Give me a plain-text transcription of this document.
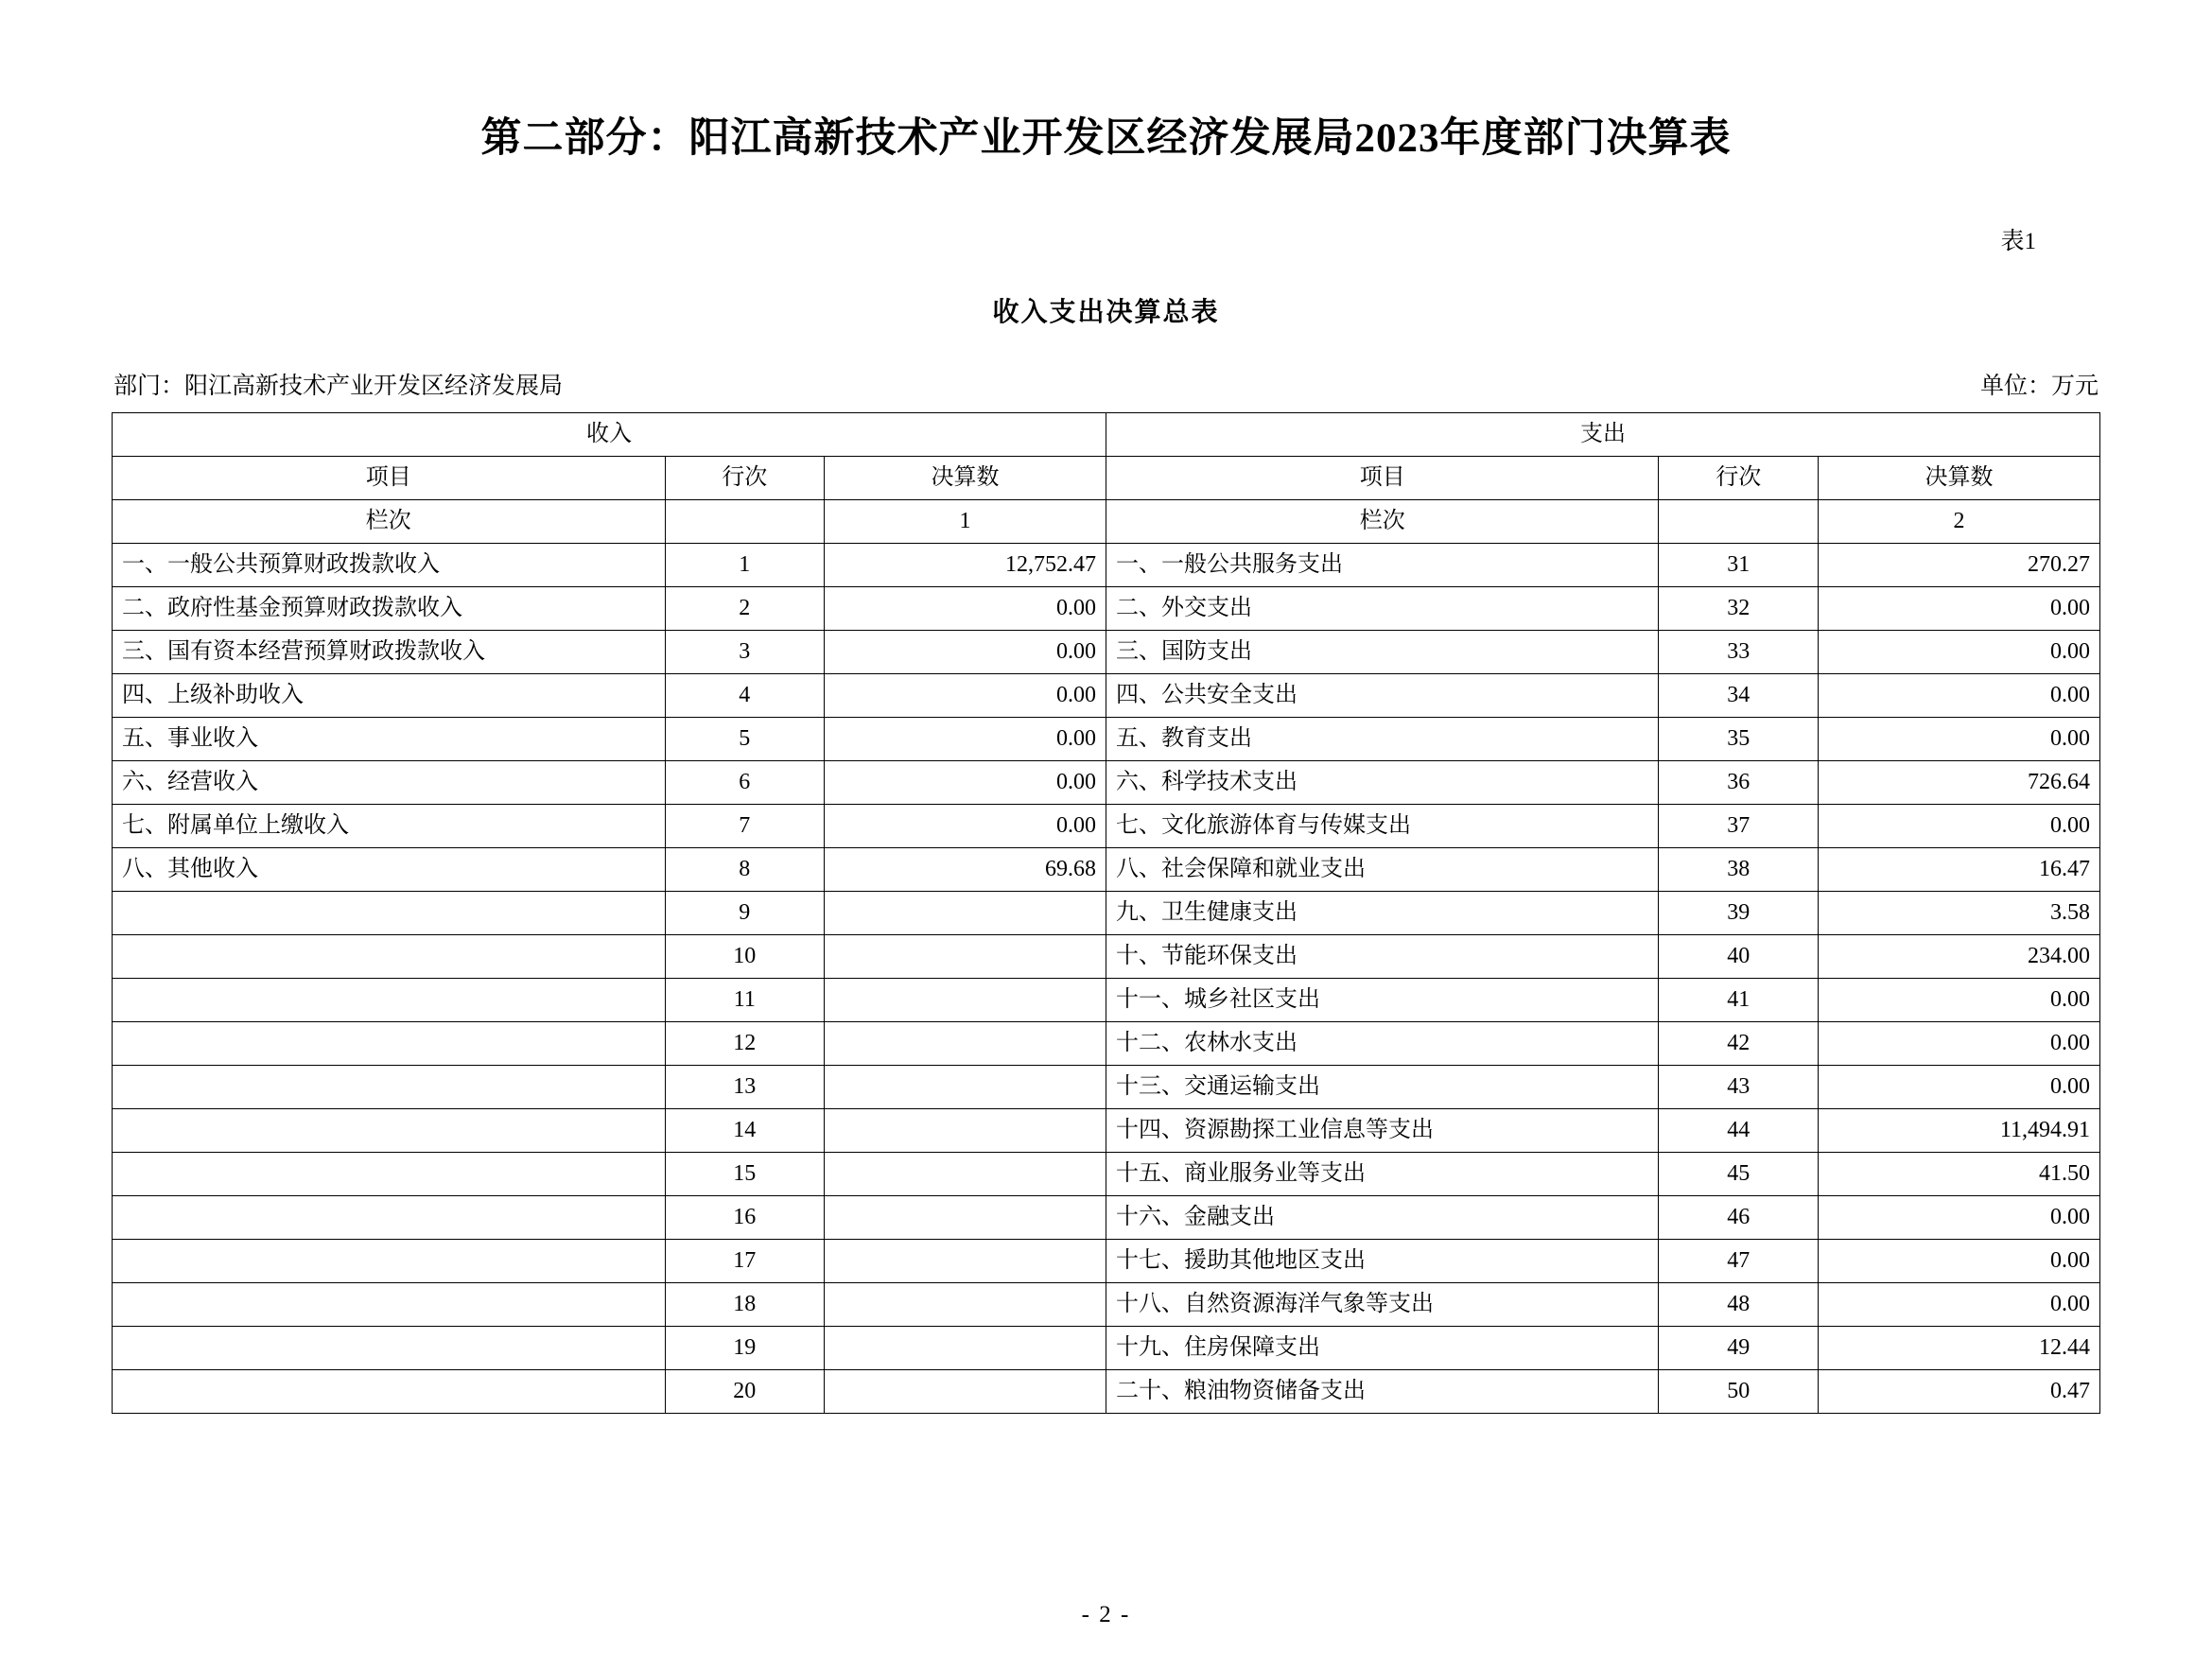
第二部分：阳江高新技术产业开发区经济发展局2023年度部门决算表
表1
收入支出决算总表
部门：阳江高新技术产业开发区经济发展局	单位：万元
收入			支出		
项目	行次	决算数	项目	行次	决算数
栏次		1	栏次		2
一、一般公共预算财政拨款收入	1	12,752.47	一、一般公共服务支出	31	270.27
二、政府性基金预算财政拨款收入	2	0.00	二、外交支出	32	0.00
三、国有资本经营预算财政拨款收入	3	0.00	三、国防支出	33	0.00
四、上级补助收入	4	0.00	四、公共安全支出	34	0.00
五、事业收入	5	0.00	五、教育支出	35	0.00
六、经营收入	6	0.00	六、科学技术支出	36	726.64
七、附属单位上缴收入	7	0.00	七、文化旅游体育与传媒支出	37	0.00
八、其他收入	8	69.68	八、社会保障和就业支出	38	16.47
	9		九、卫生健康支出	39	3.58
	10		十、节能环保支出	40	234.00
	11		十一、城乡社区支出	41	0.00
	12		十二、农林水支出	42	0.00
	13		十三、交通运输支出	43	0.00
	14		十四、资源勘探工业信息等支出	44	11,494.91
	15		十五、商业服务业等支出	45	41.50
	16		十六、金融支出	46	0.00
	17		十七、援助其他地区支出	47	0.00
	18		十八、自然资源海洋气象等支出	48	0.00
	19		十九、住房保障支出	49	12.44
	20		二十、粮油物资储备支出	50	0.47
- 2 -
